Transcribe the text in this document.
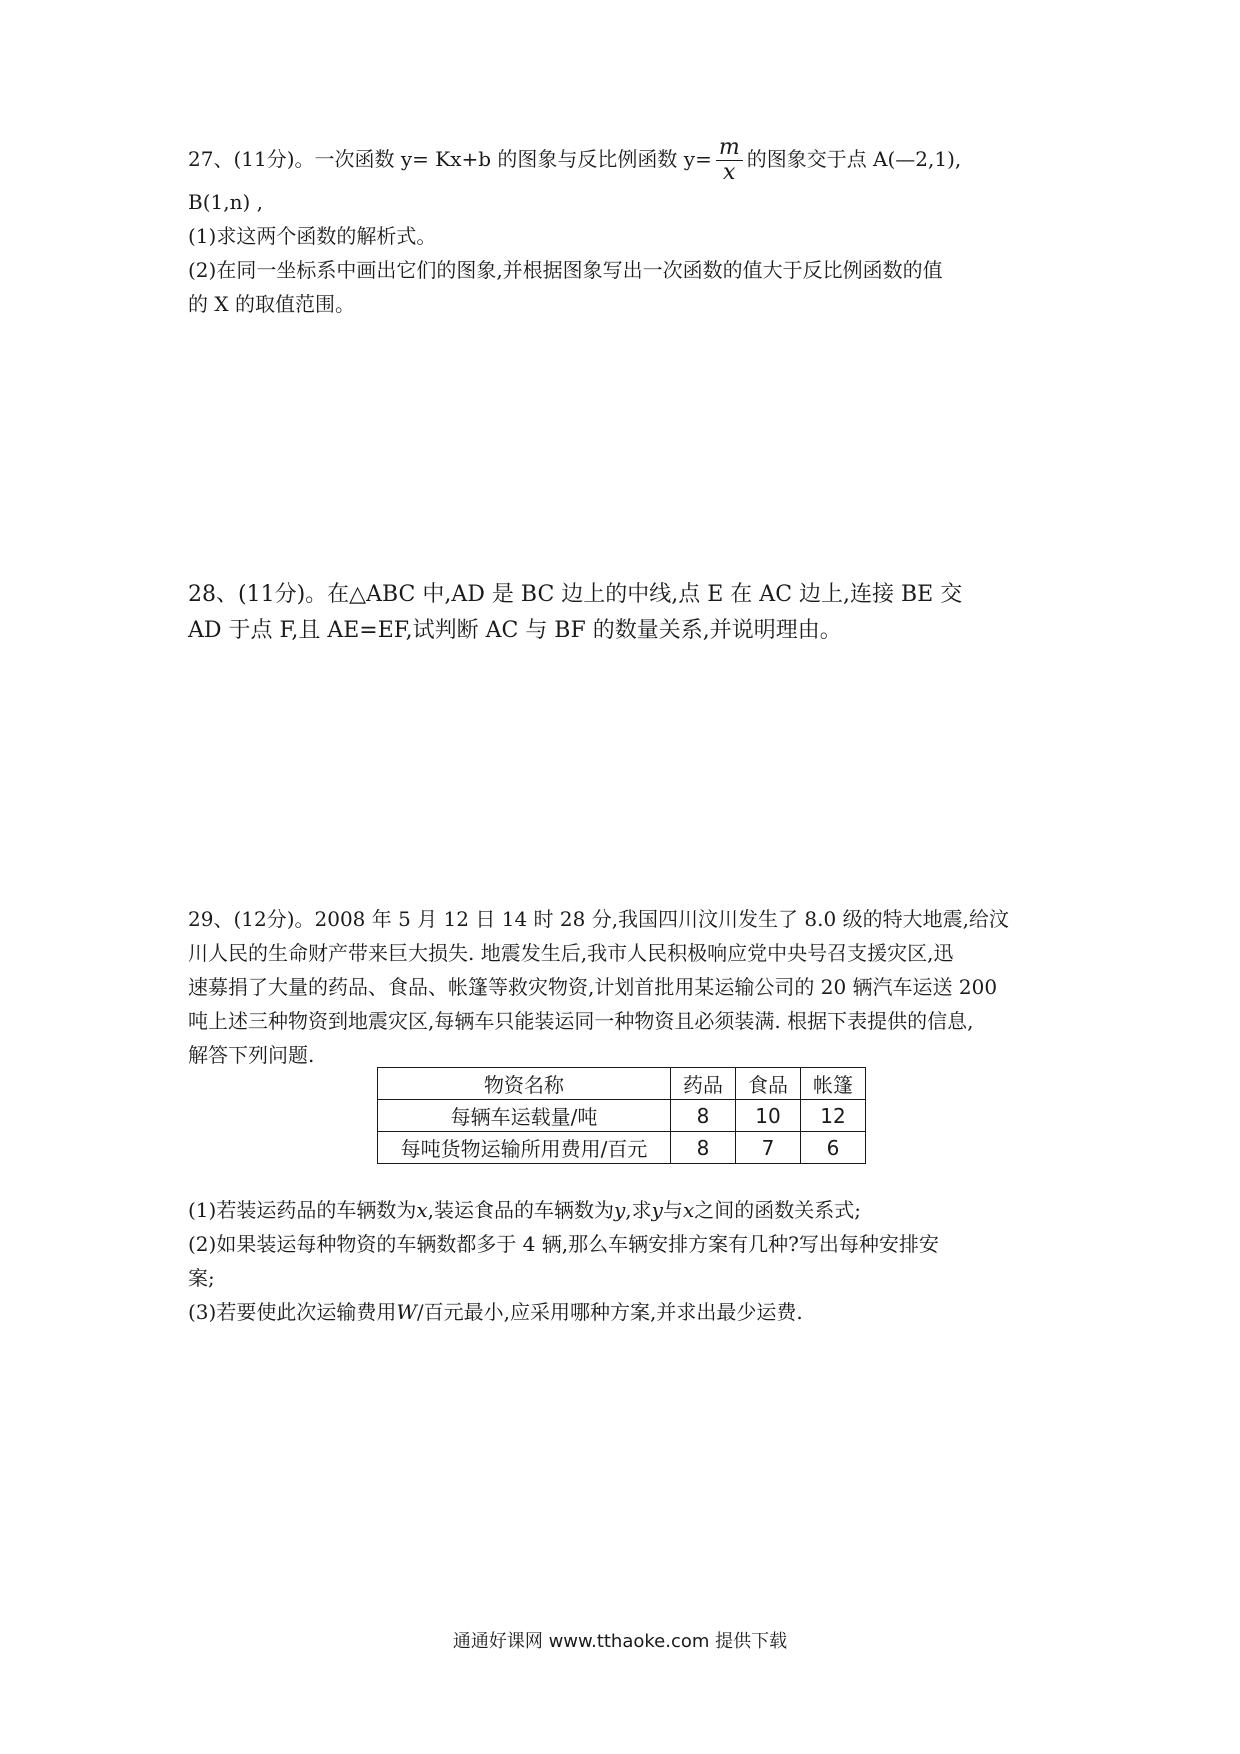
27、(11分)。一次函数 y= Kx+b 的图象与反比例函数 $y= \frac{m}{x}$ 的图象交于点 A(—2,1),
B(1,n) ,
(1)求这两个函数的解析式。
(2)在同一坐标系中画出它们的图象,并根据图象写出一次函数的值大于反比例函数的值
的 X 的取值范围。
28、(11分)。在△ABC 中,AD 是 BC 边上的中线,点 E 在 AC 边上,连接 BE 交
AD 于点 F,且 AE=EF,试判断 AC 与 BF 的数量关系,并说明理由。
29、(12分)。2008 年 5 月 12 日 14 时 28 分,我国四川汶川发生了 8.0 级的特大地震,给汶
川人民的生命财产带来巨大损失. 地震发生后,我市人民积极响应党中央号召支援灾区,迅
速募捐了大量的药品、食品、帐篷等救灾物资,计划首批用某运输公司的 20 辆汽车运送 200
吨上述三种物资到地震灾区,每辆车只能装运同一种物资且必须装满. 根据下表提供的信息,
解答下列问题.
物资名称	药品	食品	帐篷
每辆车运载量/吨	8	10	12
每吨货物运输所用费用/百元	8	7	6
(1)若装运药品的车辆数为x,装运食品的车辆数为y,求y与x之间的函数关系式;
(2)如果装运每种物资的车辆数都多于 4 辆,那么车辆安排方案有几种?写出每种安排安
案;
(3)若要使此次运输费用W/百元最小,应采用哪种方案,并求出最少运费.
通通好课网 www.tthaoke.com 提供下载
